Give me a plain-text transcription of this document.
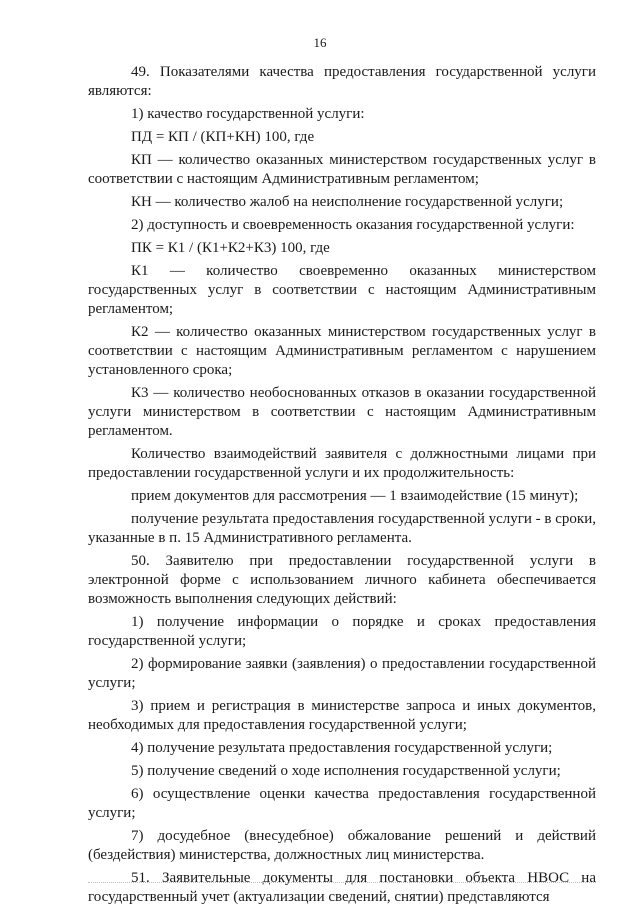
16

49. Показателями качества предоставления государственной услуги являются:

1) качество государственной услуги:

ПД = КП / (КП+КН) 100, где

КП — количество оказанных министерством государственных услуг в соответствии с настоящим Административным регламентом;

КН — количество жалоб на неисполнение государственной услуги;

2) доступность и своевременность оказания государственной услуги:

ПК = К1 / (К1+К2+К3) 100, где

К1 — количество своевременно оказанных министерством государственных услуг в соответствии с настоящим Административным регламентом;

К2 — количество оказанных министерством государственных услуг в соответствии с настоящим Административным регламентом с нарушением установленного срока;

К3 — количество необоснованных отказов в оказании государственной услуги министерством в соответствии с настоящим Административным регламентом.

Количество взаимодействий заявителя с должностными лицами при предоставлении государственной услуги и их продолжительность:

прием документов для рассмотрения — 1 взаимодействие (15 минут);

получение результата предоставления государственной услуги - в сроки, указанные в п. 15 Административного регламента.

50. Заявителю при предоставлении государственной услуги в электронной форме с использованием личного кабинета обеспечивается возможность выполнения следующих действий:

1) получение информации о порядке и сроках предоставления государственной услуги;

2) формирование заявки (заявления) о предоставлении государственной услуги;

3) прием и регистрация в министерстве запроса и иных документов, необходимых для предоставления государственной услуги;

4) получение результата предоставления государственной услуги;

5) получение сведений о ходе исполнения государственной услуги;

6) осуществление оценки качества предоставления государственной услуги;

7) досудебное (внесудебное) обжалование решений и действий (бездействия) министерства, должностных лиц министерства.

51. Заявительные документы для постановки объекта НВОС на государственный учет (актуализации сведений, снятии) представляются
